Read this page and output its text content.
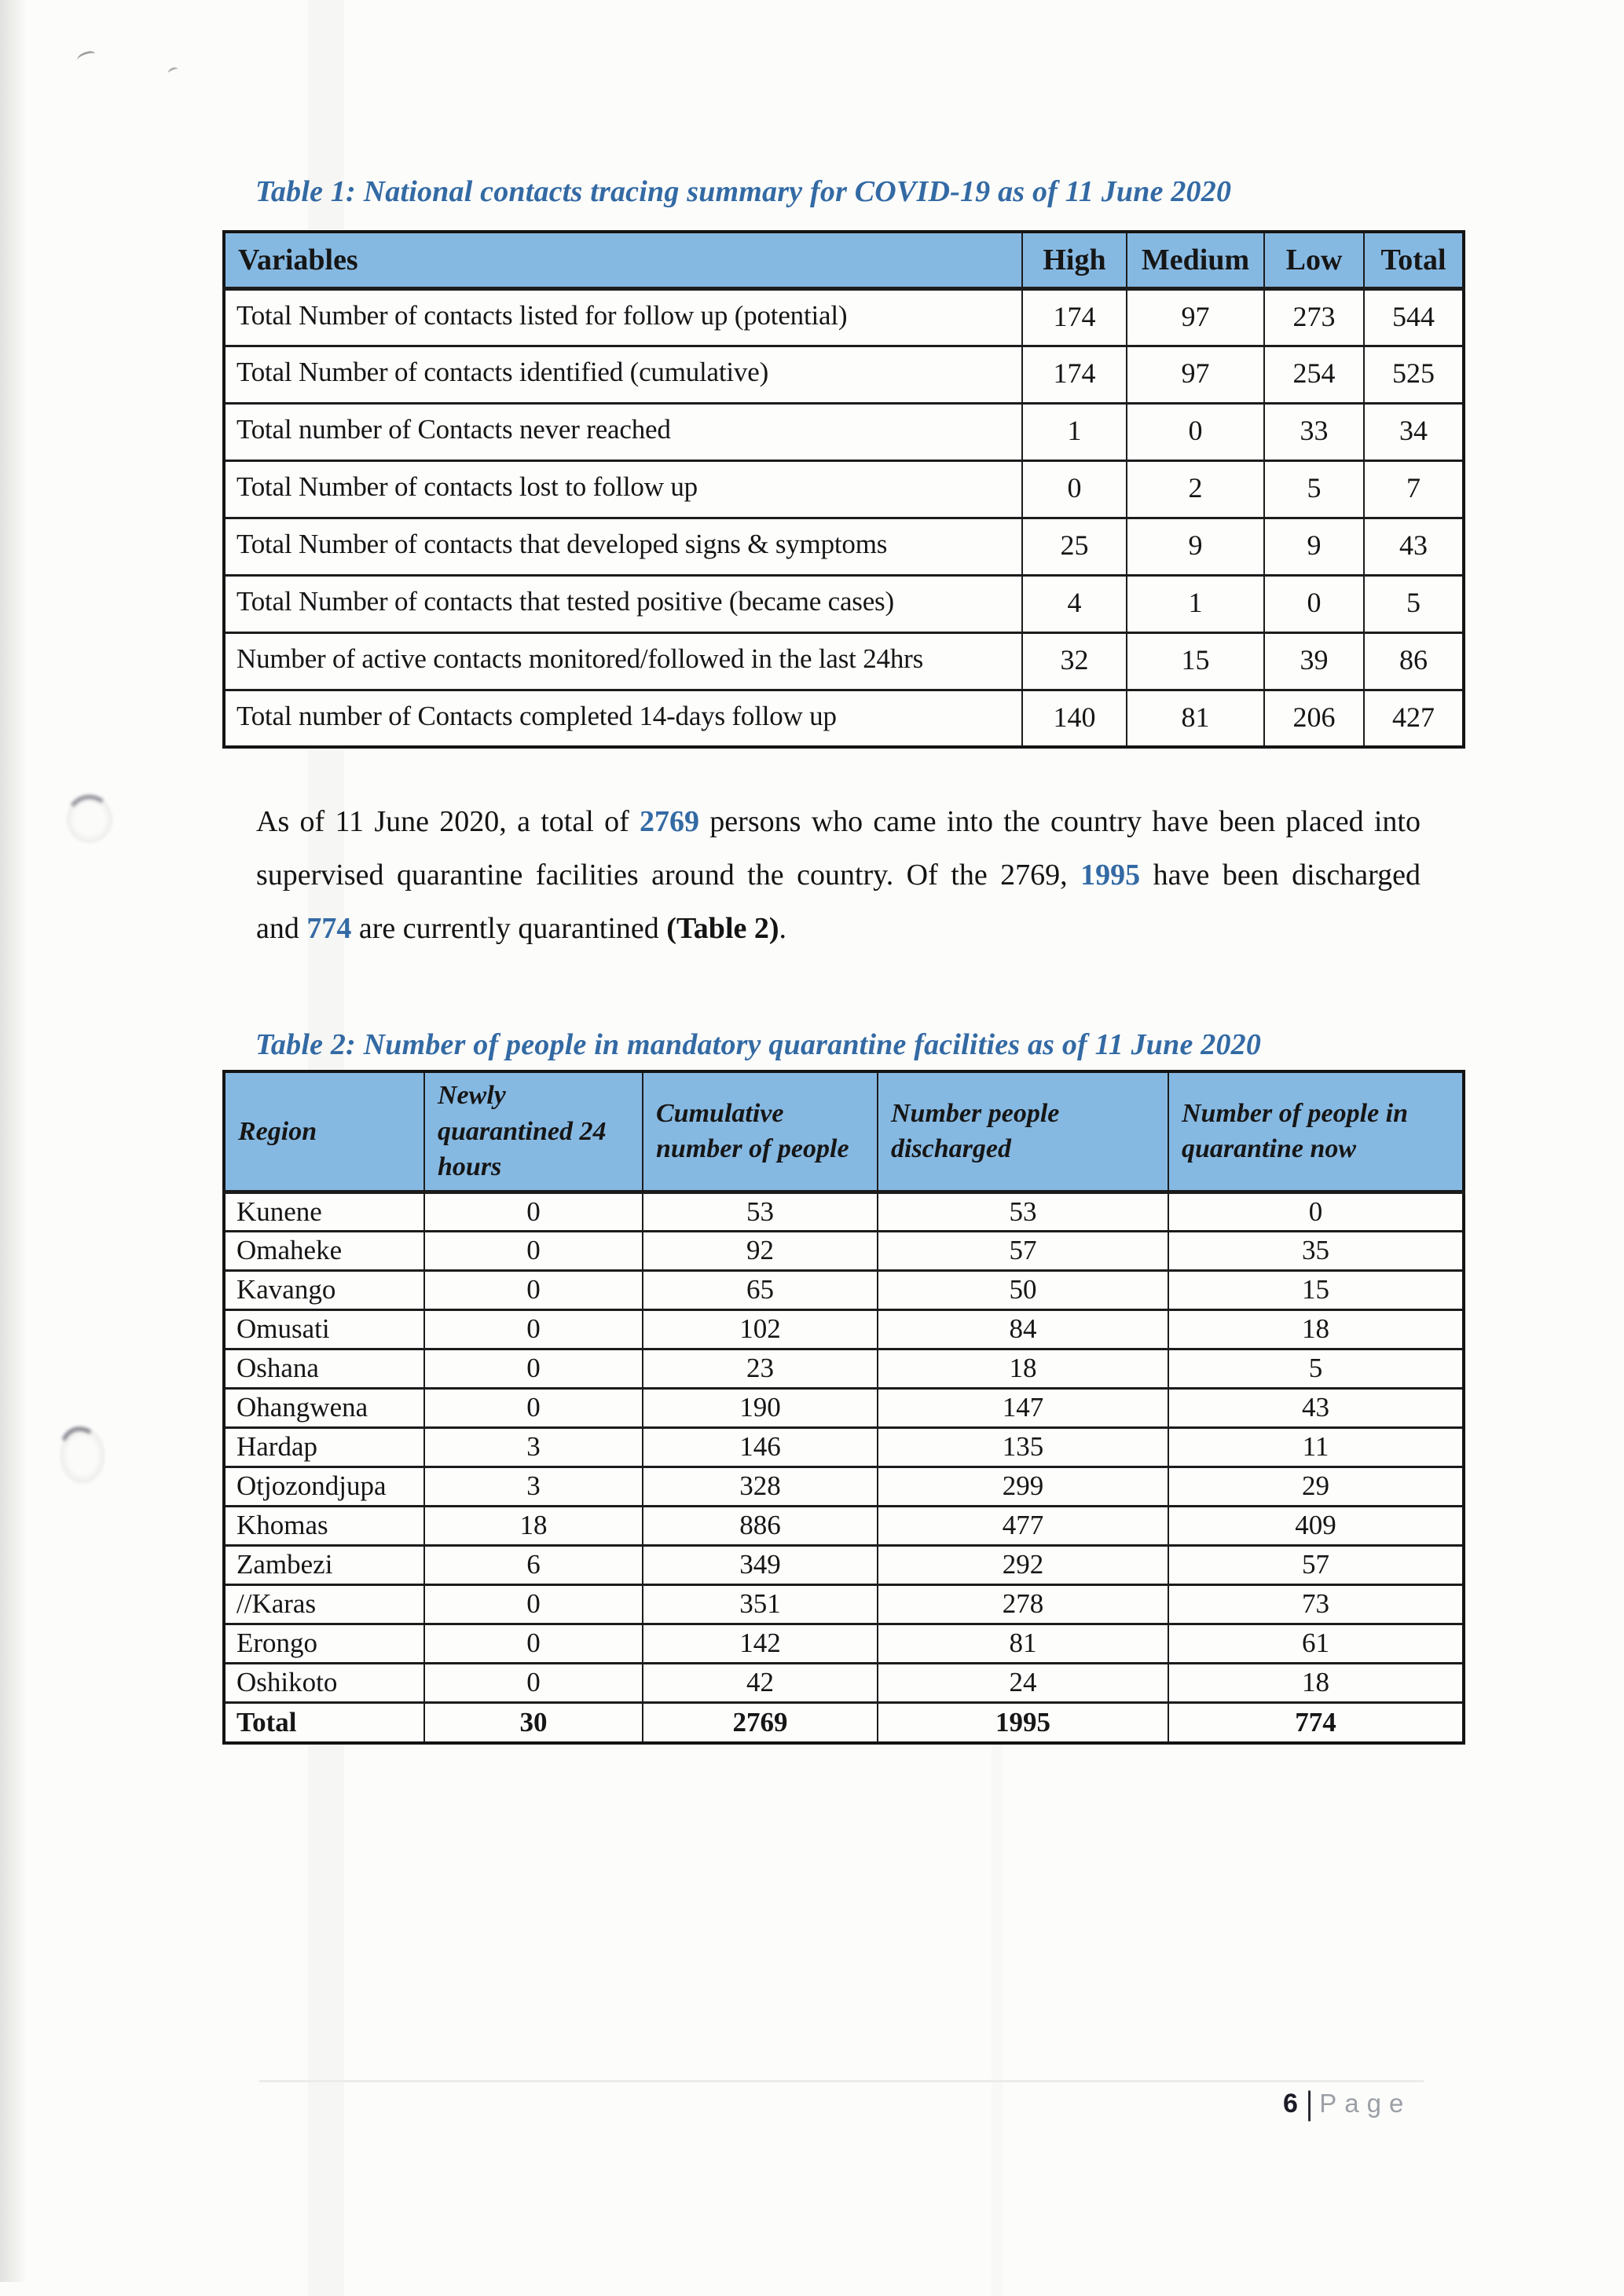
Table 1: National contacts tracing summary for COVID-19 as of 11 June 2020
Variables	High	Medium	Low	Total
Total Number of contacts listed for follow up (potential)	174	97	273	544
Total Number of contacts identified (cumulative)	174	97	254	525
Total number of Contacts never reached	1	0	33	34
Total Number of contacts lost to follow up	0	2	5	7
Total Number of contacts that developed signs & symptoms	25	9	9	43
Total Number of contacts that tested positive (became cases)	4	1	0	5
Number of active contacts monitored/followed in the last 24hrs	32	15	39	86
Total number of Contacts completed 14-days follow up	140	81	206	427
As of 11 June 2020, a total of 2769 persons who came into the country have been placed into
supervised quarantine facilities around the country. Of the 2769, 1995 have been discharged
and 774 are currently quarantined (Table 2).
Table 2: Number of people in mandatory quarantine facilities as of 11 June 2020
Region	Newly quarantined 24 hours	Cumulative number of people	Number people discharged	Number of people in quarantine now
Kunene	0	53	53	0
Omaheke	0	92	57	35
Kavango	0	65	50	15
Omusati	0	102	84	18
Oshana	0	23	18	5
Ohangwena	0	190	147	43
Hardap	3	146	135	11
Otjozondjupa	3	328	299	29
Khomas	18	886	477	409
Zambezi	6	349	292	57
//Karas	0	351	278	73
Erongo	0	142	81	61
Oshikoto	0	42	24	18
Total	30	2769	1995	774
6 | Page
